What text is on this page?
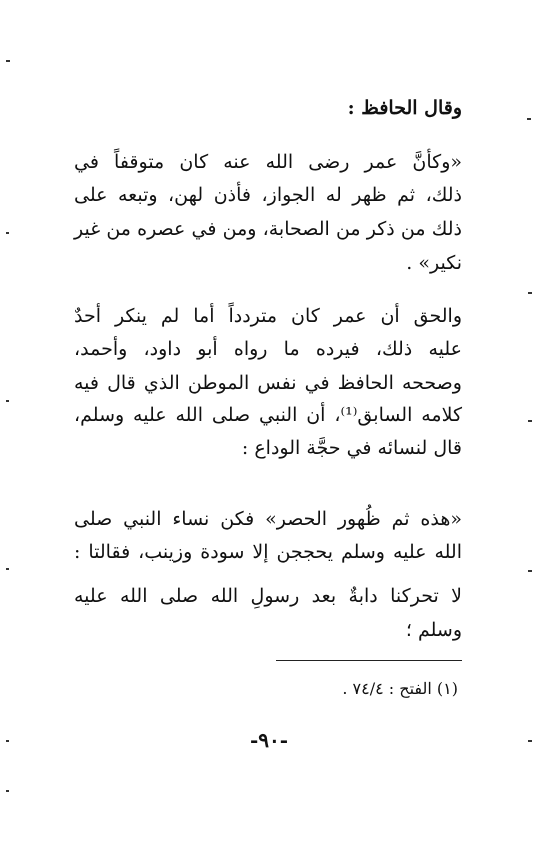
وقال الحافظ :
«وكأنَّ عمر رضى الله عنه كان متوقفاً في
ذلك، ثم ظهر له الجواز، فأذن لهن، وتبعه على
ذلك من ذكر من الصحابة، ومن في عصره من غير
نكير» .
والحق أن عمر كان متردداً أما لم ينكر أحدٌ
عليه ذلك، فيرده ما رواه أبو داود، وأحمد،
وصححه الحافظ في نفس الموطن الذي قال فيه
كلامه السابق⁽¹⁾، أن النبي صلى الله عليه وسلم،
قال لنسائه في حجَّة الوداع :
«هذه ثم ظُهور الحصر» فكن نساء النبي صلى
الله عليه وسلم يحججن إلا سودة وزينب، فقالتا :
لا تحركنا دابةٌ بعد رسولِ الله صلى الله عليه
وسلم ؛
(١) الفتح : ٧٤/٤ .
-٩٠-
